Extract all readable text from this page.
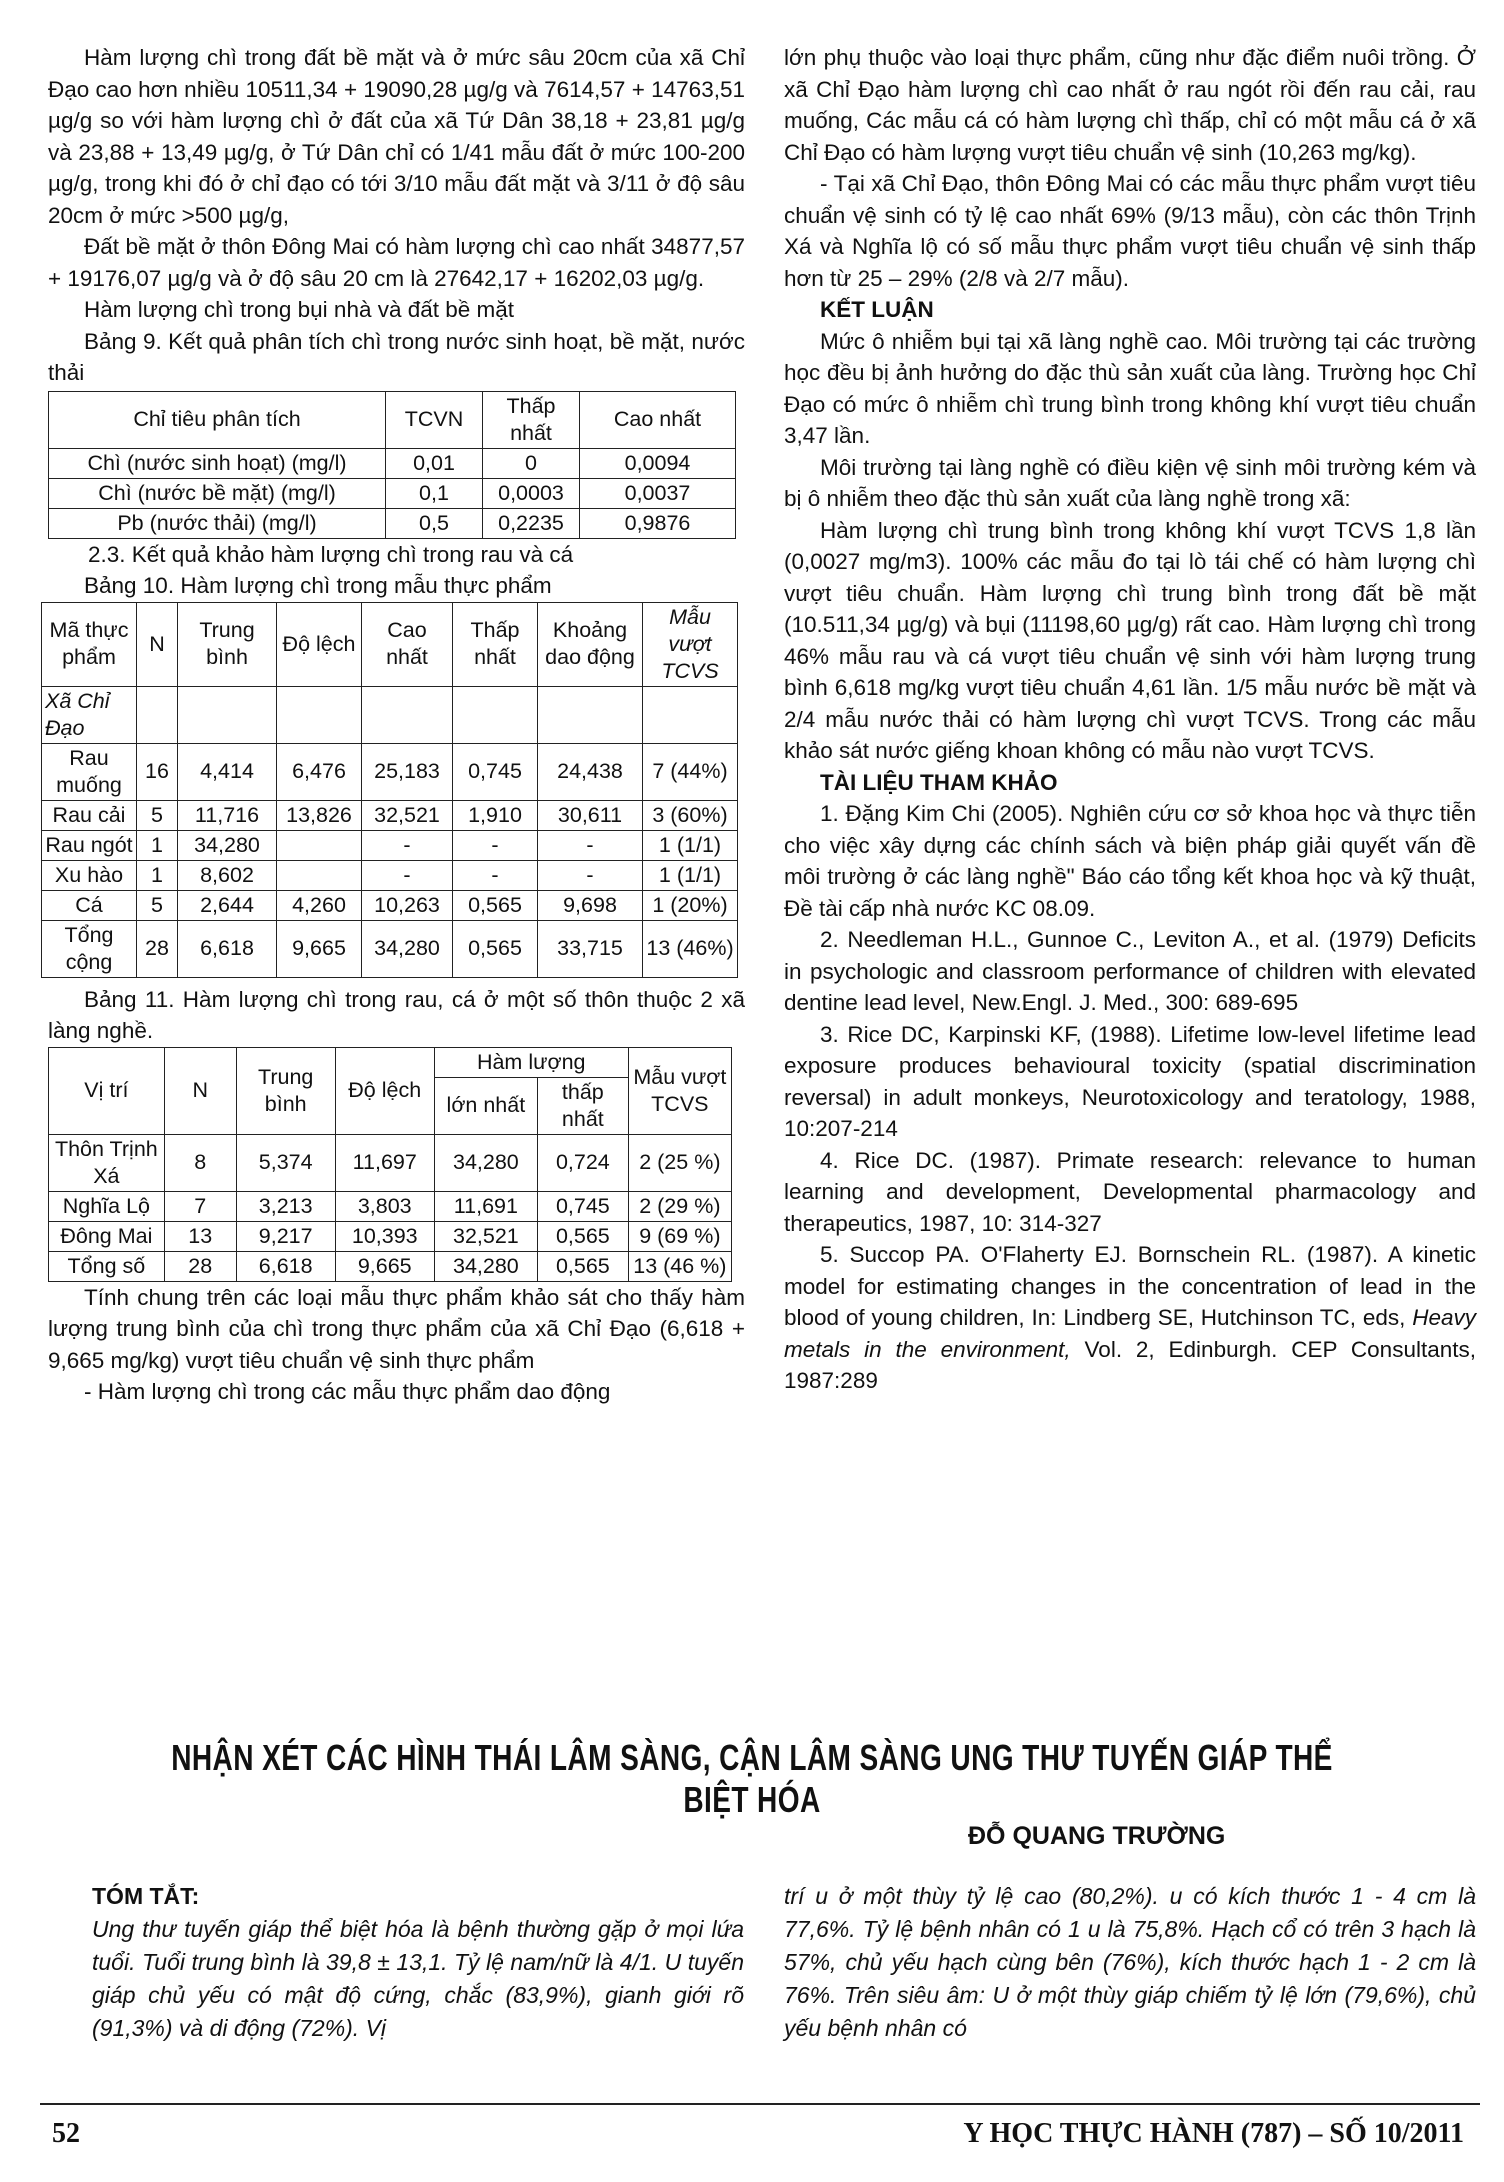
Hàm lượng chì trong đất bề mặt và ở mức sâu 20cm của xã Chỉ Đạo cao hơn nhiều 10511,34 + 19090,28 µg/g và 7614,57 + 14763,51 µg/g so với hàm lượng chì ở đất của xã Tứ Dân 38,18 + 23,81 µg/g và 23,88 + 13,49 µg/g, ở Tứ Dân chỉ có 1/41 mẫu đất ở mức 100-200 µg/g, trong khi đó ở chỉ đạo có tới 3/10 mẫu đất mặt và 3/11 ở độ sâu 20cm ở mức >500 µg/g,

Đất bề mặt ở thôn Đông Mai có hàm lượng chì cao nhất 34877,57 + 19176,07 µg/g và ở độ sâu 20 cm là 27642,17 + 16202,03 µg/g.

Hàm lượng chì trong bụi nhà và đất bề mặt

Bảng 9. Kết quả phân tích chì trong nước sinh hoạt, bề mặt, nước thải

Chỉ tiêu phân tích	TCVN	Thấp nhất	Cao nhất
Chì (nước sinh hoạt) (mg/l)	0,01	0	0,0094
Chì (nước bề mặt) (mg/l)	0,1	0,0003	0,0037
Pb (nước thải) (mg/l)	0,5	0,2235	0,9876

2.3. Kết quả khảo hàm lượng chì trong rau và cá

Bảng 10. Hàm lượng chì trong mẫu thực phẩm

Mã thực phẩm	N	Trung bình	Độ lệch	Cao nhất	Thấp nhất	Khoảng dao động	Mẫu vượt TCVS
Xã Chỉ Đạo							
Rau muống	16	4,414	6,476	25,183	0,745	24,438	7 (44%)
Rau cải	5	11,716	13,826	32,521	1,910	30,611	3 (60%)
Rau ngót	1	34,280		-	-	-	1 (1/1)
Xu hào	1	8,602		-	-	-	1 (1/1)
Cá	5	2,644	4,260	10,263	0,565	9,698	1 (20%)
Tổng cộng	28	6,618	9,665	34,280	0,565	33,715	13 (46%)

Bảng 11. Hàm lượng chì trong rau, cá ở một số thôn thuộc 2 xã làng nghề.

Vị trí	N	Trung bình	Độ lệch	Hàm lượng		Mẫu vượt TCVS
				lớn nhất	thấp nhất	
Thôn Trịnh Xá	8	5,374	11,697	34,280	0,724	2 (25 %)
Nghĩa Lộ	7	3,213	3,803	11,691	0,745	2 (29 %)
Đông Mai	13	9,217	10,393	32,521	0,565	9 (69 %)
Tổng số	28	6,618	9,665	34,280	0,565	13 (46 %)

Tính chung trên các loại mẫu thực phẩm khảo sát cho thấy hàm lượng trung bình của chì trong thực phẩm của xã Chỉ Đạo (6,618 + 9,665 mg/kg) vượt tiêu chuẩn vệ sinh thực phẩm

- Hàm lượng chì trong các mẫu thực phẩm dao động

lớn phụ thuộc vào loại thực phẩm, cũng như đặc điểm nuôi trồng. Ở xã Chỉ Đạo hàm lượng chì cao nhất ở rau ngót rồi đến rau cải, rau muống, Các mẫu cá có hàm lượng chì thấp, chỉ có một mẫu cá ở xã Chỉ Đạo có hàm lượng vượt tiêu chuẩn vệ sinh (10,263 mg/kg).

- Tại xã Chỉ Đạo, thôn Đông Mai có các mẫu thực phẩm vượt tiêu chuẩn vệ sinh có tỷ lệ cao nhất 69% (9/13 mẫu), còn các thôn Trịnh Xá và Nghĩa lộ có số mẫu thực phẩm vượt tiêu chuẩn vệ sinh thấp hơn từ 25 – 29% (2/8 và 2/7 mẫu).

KẾT LUẬN

Mức ô nhiễm bụi tại xã làng nghề cao. Môi trường tại các trường học đều bị ảnh hưởng do đặc thù sản xuất của làng. Trường học Chỉ Đạo có mức ô nhiễm chì trung bình trong không khí vượt tiêu chuẩn 3,47 lần.

Môi trường tại làng nghề có điều kiện vệ sinh môi trường kém và bị ô nhiễm theo đặc thù sản xuất của làng nghề trong xã:

Hàm lượng chì trung bình trong không khí vượt TCVS 1,8 lần (0,0027 mg/m3). 100% các mẫu đo tại lò tái chế có hàm lượng chì vượt tiêu chuẩn. Hàm lượng chì trung bình trong đất bề mặt (10.511,34 µg/g) và bụi (11198,60 µg/g) rất cao. Hàm lượng chì trong 46% mẫu rau và cá vượt tiêu chuẩn vệ sinh với hàm lượng trung bình 6,618 mg/kg vượt tiêu chuẩn 4,61 lần. 1/5 mẫu nước bề mặt và 2/4 mẫu nước thải có hàm lượng chì vượt TCVS. Trong các mẫu khảo sát nước giếng khoan không có mẫu nào vượt TCVS.

TÀI LIỆU THAM KHẢO

1. Đặng Kim Chi (2005). Nghiên cứu cơ sở khoa học và thực tiễn cho việc xây dựng các chính sách và biện pháp giải quyết vấn đề môi trường ở các làng nghề" Báo cáo tổng kết khoa học và kỹ thuật, Đề tài cấp nhà nước KC 08.09.

2. Needleman H.L., Gunnoe C., Leviton A., et al. (1979) Deficits in psychologic and classroom performance of children with elevated dentine lead level, New.Engl. J. Med., 300: 689-695

3. Rice DC, Karpinski KF, (1988). Lifetime low-level lifetime lead exposure produces behavioural toxicity (spatial discrimination reversal) in adult monkeys, Neurotoxicology and teratology, 1988, 10:207-214

4. Rice DC. (1987). Primate research: relevance to human learning and development, Developmental pharmacology and therapeutics, 1987, 10: 314-327

5. Succop PA. O'Flaherty EJ. Bornschein RL. (1987). A kinetic model for estimating changes in the concentration of lead in the blood of young children, In: Lindberg SE, Hutchinson TC, eds, Heavy metals in the environment, Vol. 2, Edinburgh. CEP Consultants, 1987:289

NHẬN XÉT CÁC HÌNH THÁI LÂM SÀNG, CẬN LÂM SÀNG UNG THƯ TUYẾN GIÁP THỂ BIỆT HÓA
ĐỖ QUANG TRƯỜNG
TÓM TẮT:
Ung thư tuyến giáp thể biệt hóa là bệnh thường gặp ở mọi lứa tuổi. Tuổi trung bình là 39,8 ± 13,1. Tỷ lệ nam/nữ là 4/1. U tuyến giáp chủ yếu có mật độ cứng, chắc (83,9%), gianh giới rõ (91,3%) và di động (72%). Vị
trí u ở một thùy tỷ lệ cao (80,2%). u có kích thước 1 - 4 cm là 77,6%. Tỷ lệ bệnh nhân có 1 u là 75,8%. Hạch cổ có trên 3 hạch là 57%, chủ yếu hạch cùng bên (76%), kích thước hạch 1 - 2 cm là 76%. Trên siêu âm: U ở một thùy giáp chiếm tỷ lệ lớn (79,6%), chủ yếu bệnh nhân có
52	Y HỌC THỰC HÀNH (787) – SỐ 10/2011
